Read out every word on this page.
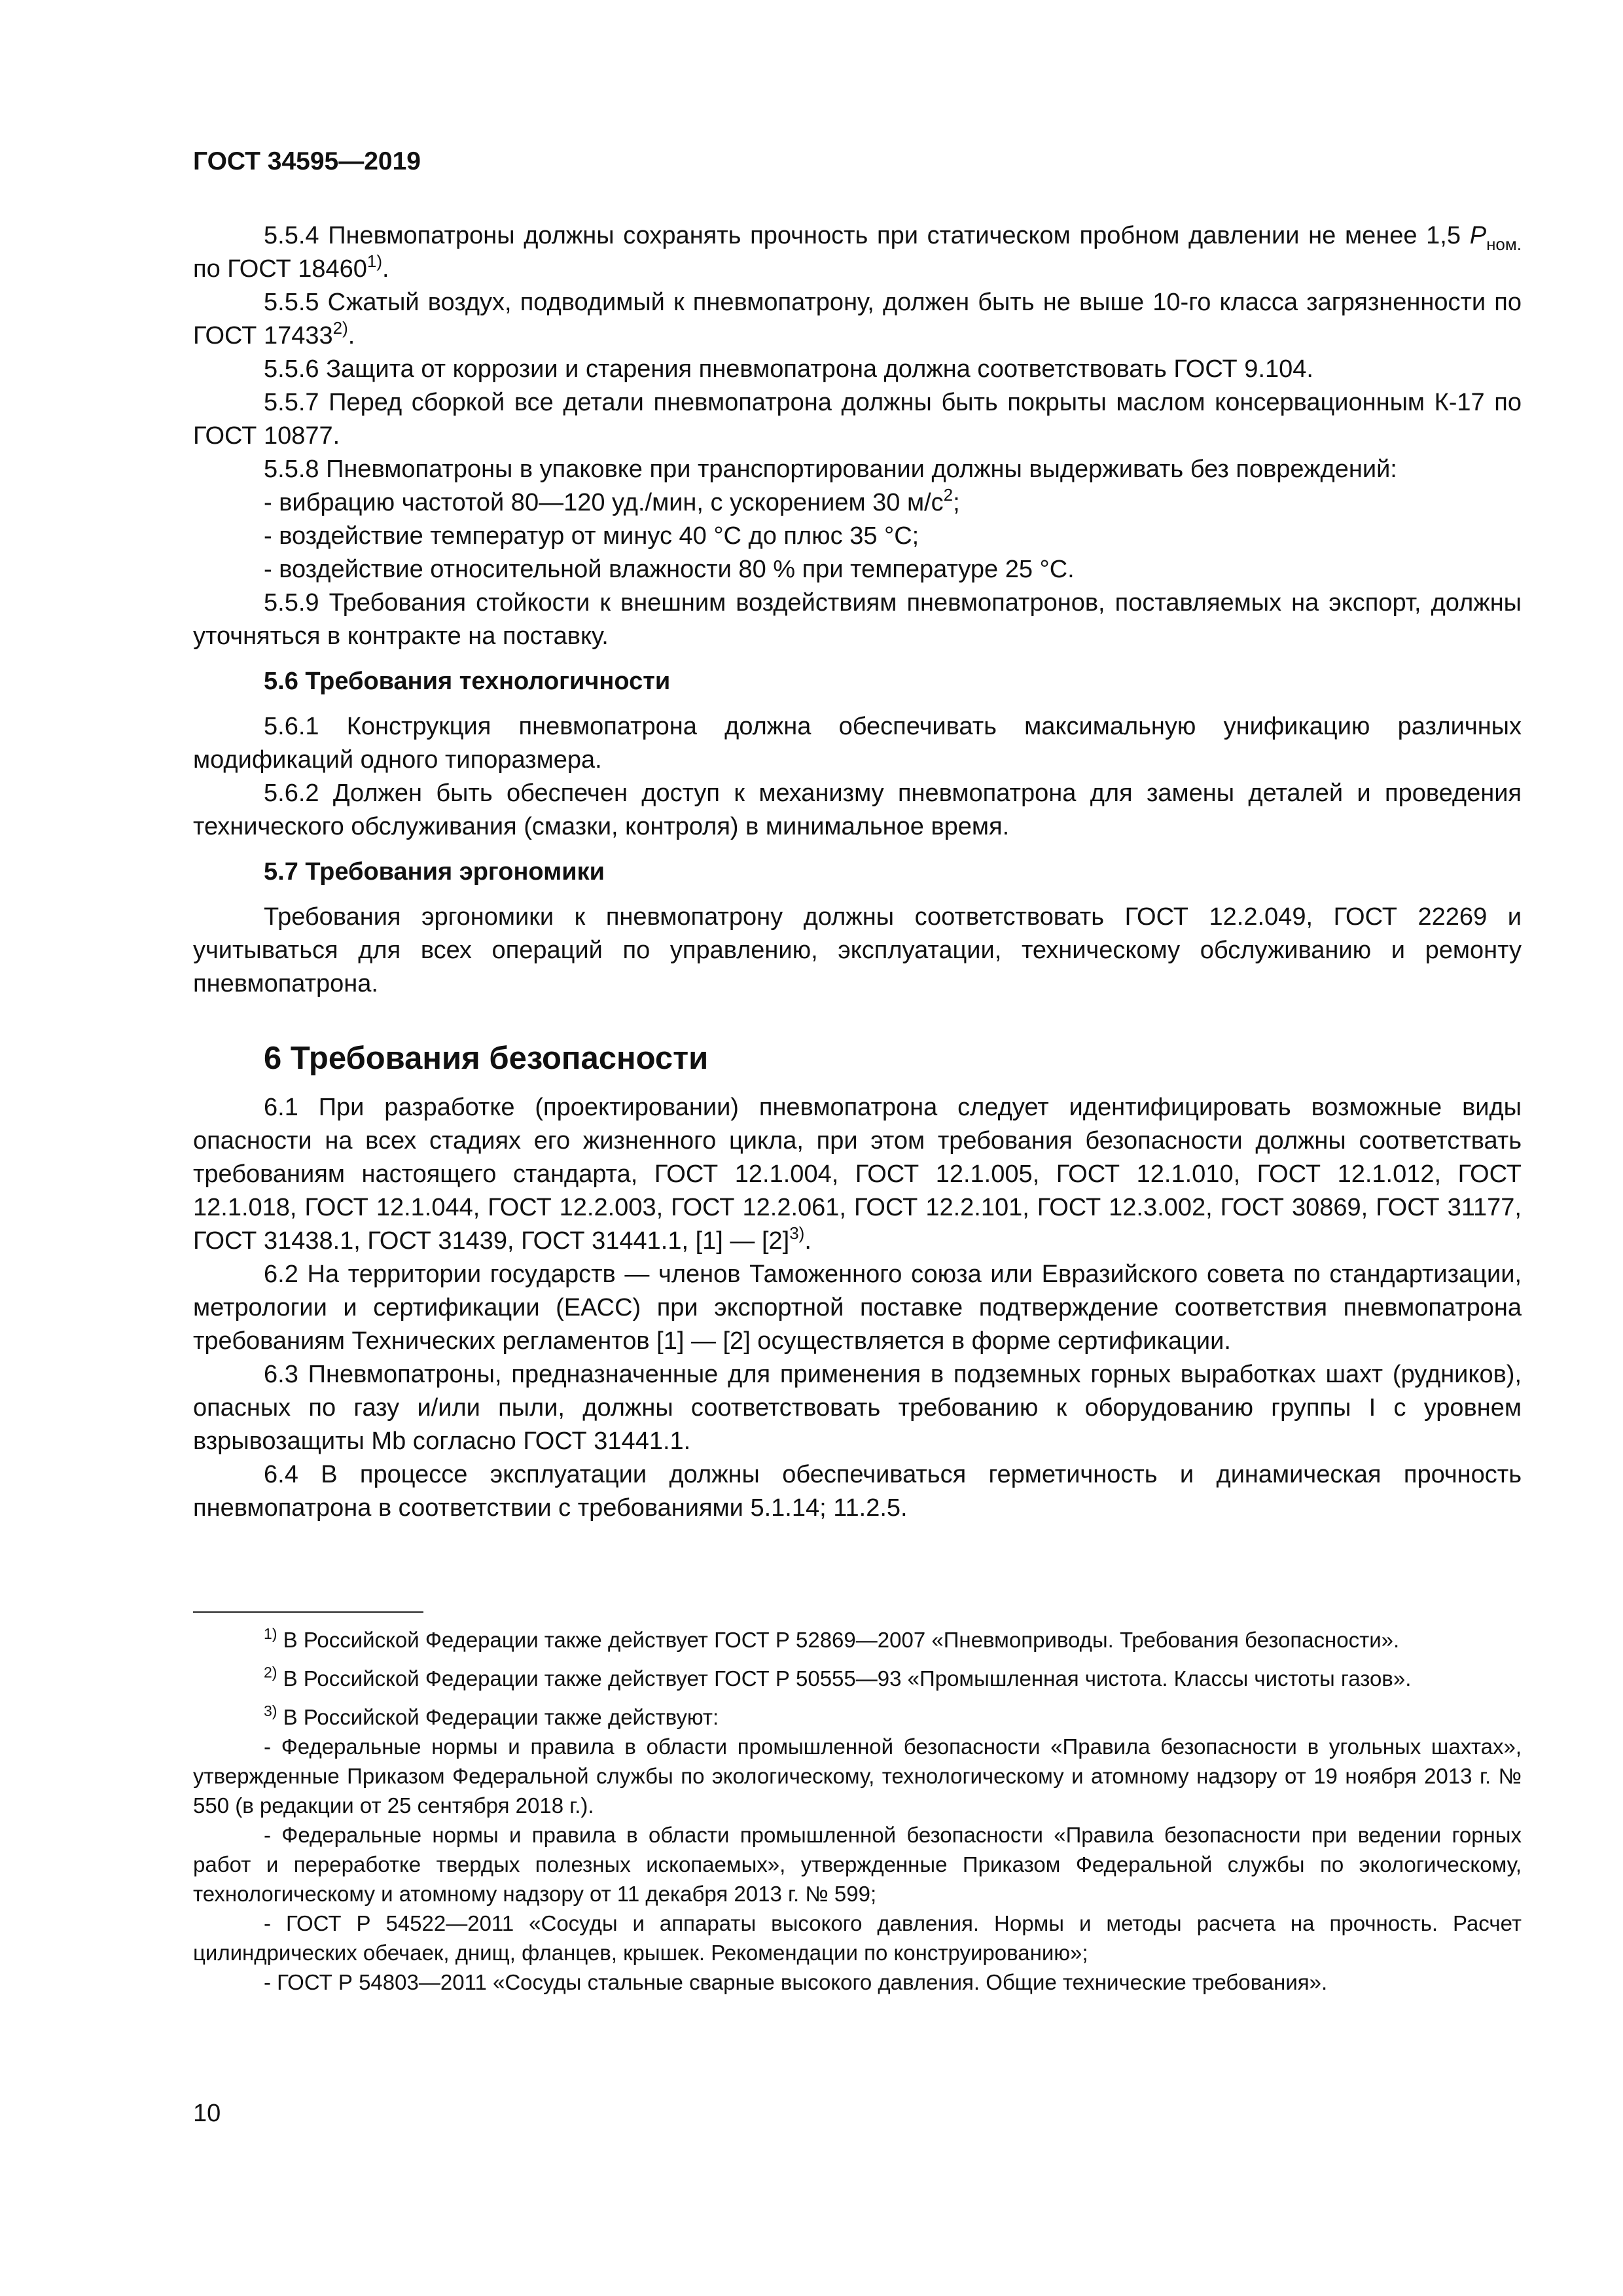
ГОСТ 34595—2019

5.5.4 Пневмопатроны должны сохранять прочность при статическом пробном давлении не менее 1,5 $P_{ном.}$ по ГОСТ 18460$^{1)}$.

5.5.5 Сжатый воздух, подводимый к пневмопатрону, должен быть не выше 10-го класса загрязненности по ГОСТ 17433$^{2)}$.

5.5.6 Защита от коррозии и старения пневмопатрона должна соответствовать ГОСТ 9.104.

5.5.7 Перед сборкой все детали пневмопатрона должны быть покрыты маслом консервационным К-17 по ГОСТ 10877.

5.5.8 Пневмопатроны в упаковке при транспортировании должны выдерживать без повреждений:

- вибрацию частотой 80—120 уд./мин, с ускорением 30 $м/с^2$;

- воздействие температур от минус 40 °С до плюс 35 °С;

- воздействие относительной влажности 80 % при температуре 25 °С.

5.5.9 Требования стойкости к внешним воздействиям пневмопатронов, поставляемых на экспорт, должны уточняться в контракте на поставку.

5.6 Требования технологичности

5.6.1 Конструкция пневмопатрона должна обеспечивать максимальную унификацию различных модификаций одного типоразмера.

5.6.2 Должен быть обеспечен доступ к механизму пневмопатрона для замены деталей и проведения технического обслуживания (смазки, контроля) в минимальное время.

5.7 Требования эргономики

Требования эргономики к пневмопатрону должны соответствовать ГОСТ 12.2.049, ГОСТ 22269 и учитываться для всех операций по управлению, эксплуатации, техническому обслуживанию и ремонту пневмопатрона.

6 Требования безопасности

6.1 При разработке (проектировании) пневмопатрона следует идентифицировать возможные виды опасности на всех стадиях его жизненного цикла, при этом требования безопасности должны соответствать требованиям настоящего стандарта, ГОСТ 12.1.004, ГОСТ 12.1.005, ГОСТ 12.1.010, ГОСТ 12.1.012, ГОСТ 12.1.018, ГОСТ 12.1.044, ГОСТ 12.2.003, ГОСТ 12.2.061, ГОСТ 12.2.101, ГОСТ 12.3.002, ГОСТ 30869, ГОСТ 31177, ГОСТ 31438.1, ГОСТ 31439, ГОСТ 31441.1, [1] — $[2]^{3)}$.

6.2 На территории государств — членов Таможенного союза или Евразийского совета по стандартизации, метрологии и сертификации (ЕАСС) при экспортной поставке подтверждение соответствия пневмопатрона требованиям Технических регламентов [1] — [2] осуществляется в форме сертификации.

6.3 Пневмопатроны, предназначенные для применения в подземных горных выработках шахт (рудников), опасных по газу и/или пыли, должны соответствовать требованию к оборудованию группы I с уровнем взрывозащиты Mb согласно ГОСТ 31441.1.

6.4 В процессе эксплуатации должны обеспечиваться герметичность и динамическая прочность пневмопатрона в соответствии с требованиями 5.1.14; 11.2.5.

$^{1)}$ В Российской Федерации также действует ГОСТ Р 52869—2007 «Пневмоприводы. Требования безопасности».

$^{2)}$ В Российской Федерации также действует ГОСТ Р 50555—93 «Промышленная чистота. Классы чистоты газов».

$^{3)}$ В Российской Федерации также действуют:

- Федеральные нормы и правила в области промышленной безопасности «Правила безопасности в угольных шахтах», утвержденные Приказом Федеральной службы по экологическому, технологическому и атомному надзору от 19 ноября 2013 г. № 550 (в редакции от 25 сентября 2018 г.).

- Федеральные нормы и правила в области промышленной безопасности «Правила безопасности при ведении горных работ и переработке твердых полезных ископаемых», утвержденные Приказом Федеральной службы по экологическому, технологическому и атомному надзору от 11 декабря 2013 г. № 599;

- ГОСТ Р 54522—2011 «Сосуды и аппараты высокого давления. Нормы и методы расчета на прочность. Расчет цилиндрических обечаек, днищ, фланцев, крышек. Рекомендации по конструированию»;

- ГОСТ Р 54803—2011 «Сосуды стальные сварные высокого давления. Общие технические требования».

10
